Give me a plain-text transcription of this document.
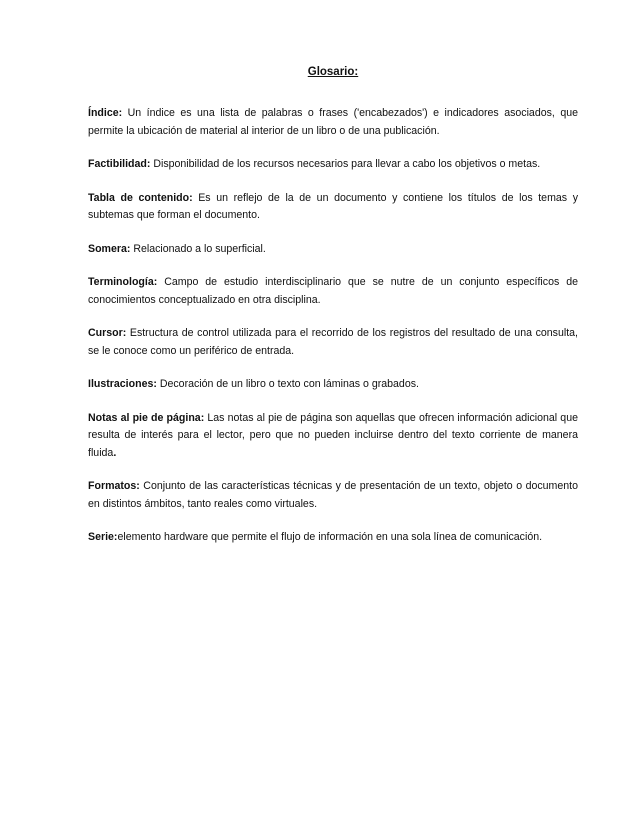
Glosario:

Índice: Un índice es una lista de palabras o frases ('encabezados') e indicadores asociados, que permite la ubicación de material al interior de un libro o de una publicación.

Factibilidad: Disponibilidad de los recursos necesarios para llevar a cabo los objetivos o metas.

Tabla de contenido: Es un reflejo de la de un documento y contiene los títulos de los temas y subtemas que forman el documento.

Somera: Relacionado a lo superficial.

Terminología: Campo de estudio interdisciplinario que se nutre de un conjunto específicos de conocimientos conceptualizado en otra disciplina.

Cursor: Estructura de control utilizada para el recorrido de los registros del resultado de una consulta, se le conoce como un periférico de entrada.

Ilustraciones: Decoración de un libro o texto con láminas o grabados.

Notas al pie de página: Las notas al pie de página son aquellas que ofrecen información adicional que resulta de interés para el lector, pero que no pueden incluirse dentro del texto corriente de manera fluida.

Formatos: Conjunto de las características técnicas y de presentación de un texto, objeto o documento en distintos ámbitos, tanto reales como virtuales.

Serie:elemento hardware que permite el flujo de información en una sola línea de comunicación.
